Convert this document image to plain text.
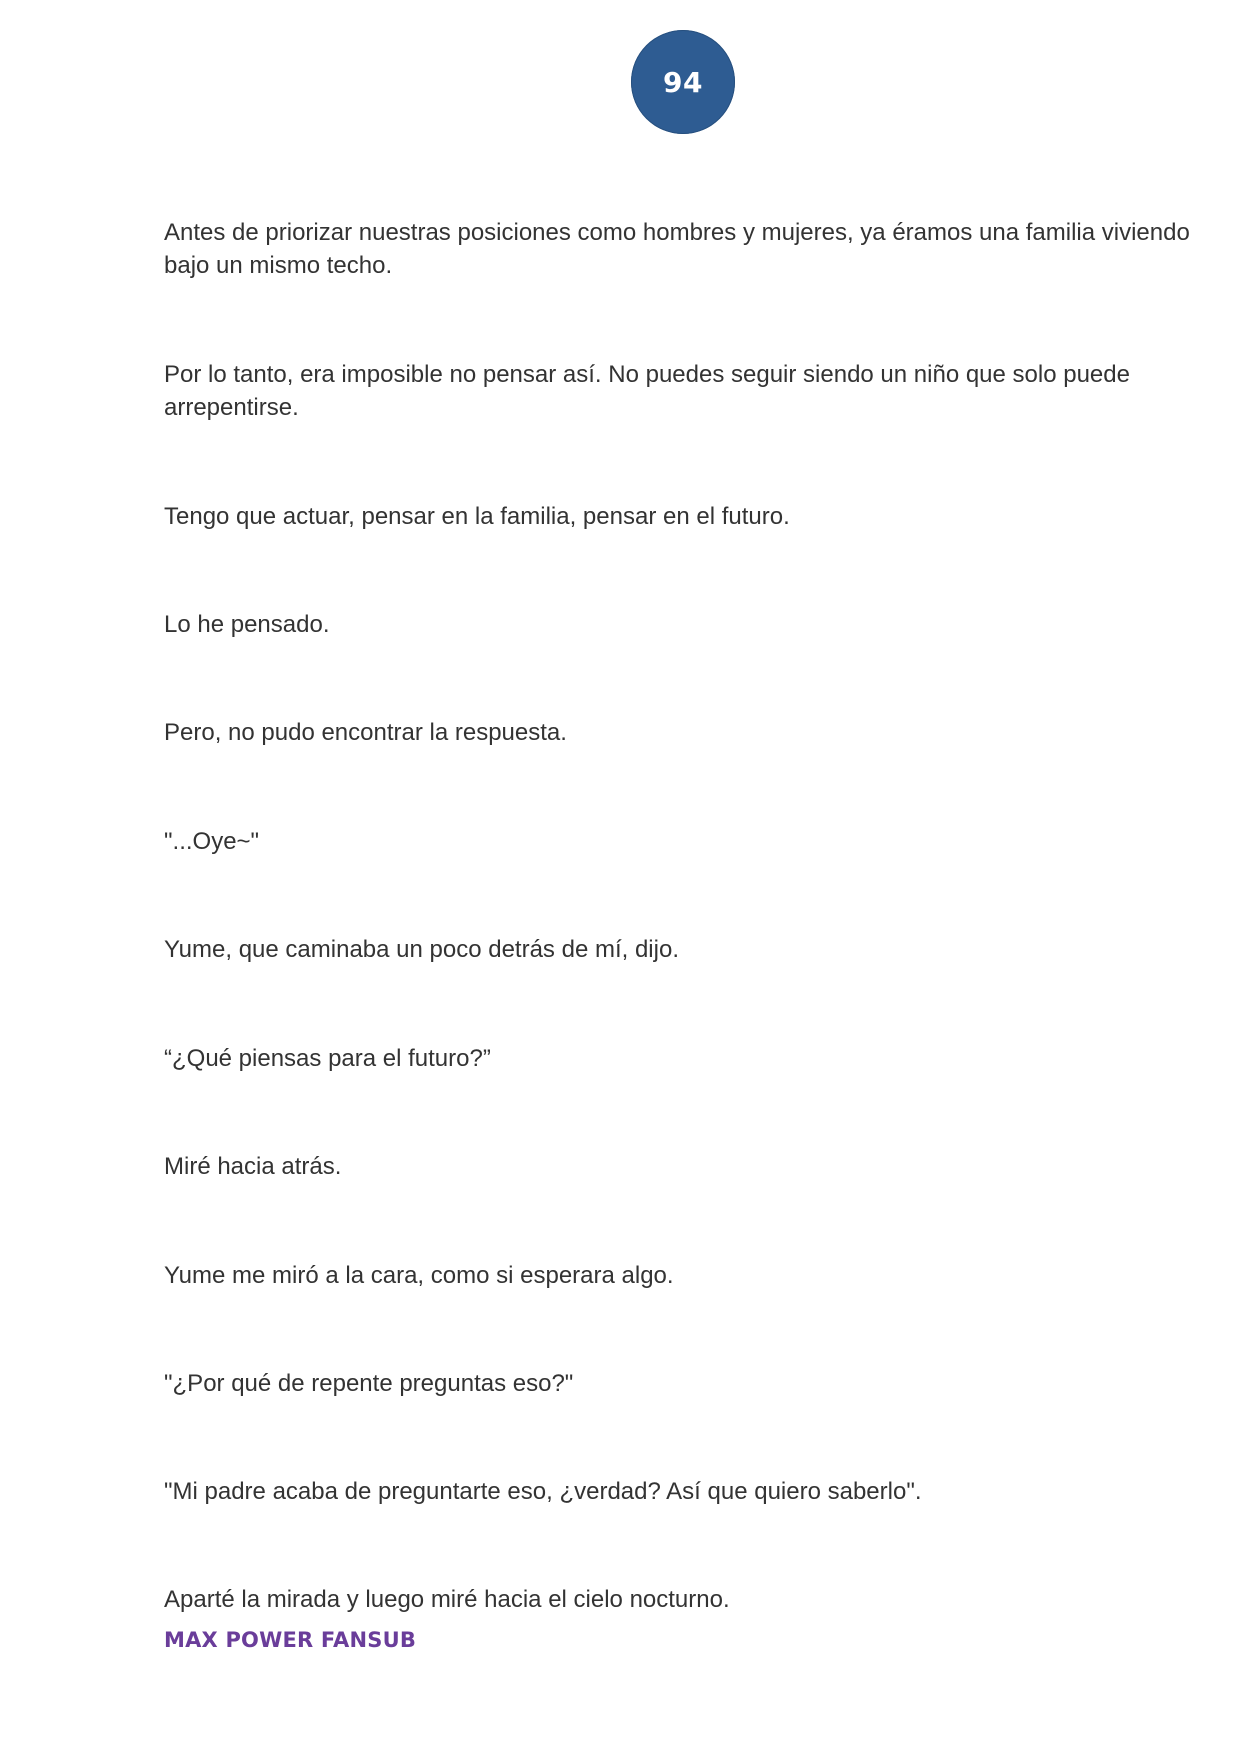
94

Antes de priorizar nuestras posiciones como hombres y mujeres, ya éramos una familia viviendo bajo un mismo techo.

Por lo tanto, era imposible no pensar así. No puedes seguir siendo un niño que solo puede arrepentirse.

Tengo que actuar, pensar en la familia, pensar en el futuro.

Lo he pensado.

Pero, no pudo encontrar la respuesta.

"...Oye~"

Yume, que caminaba un poco detrás de mí, dijo.

“¿Qué piensas para el futuro?”

Miré hacia atrás.

Yume me miró a la cara, como si esperara algo.

"¿Por qué de repente preguntas eso?"

"Mi padre acaba de preguntarte eso, ¿verdad? Así que quiero saberlo".

Aparté la mirada y luego miré hacia el cielo nocturno.

MAX POWER FANSUB
